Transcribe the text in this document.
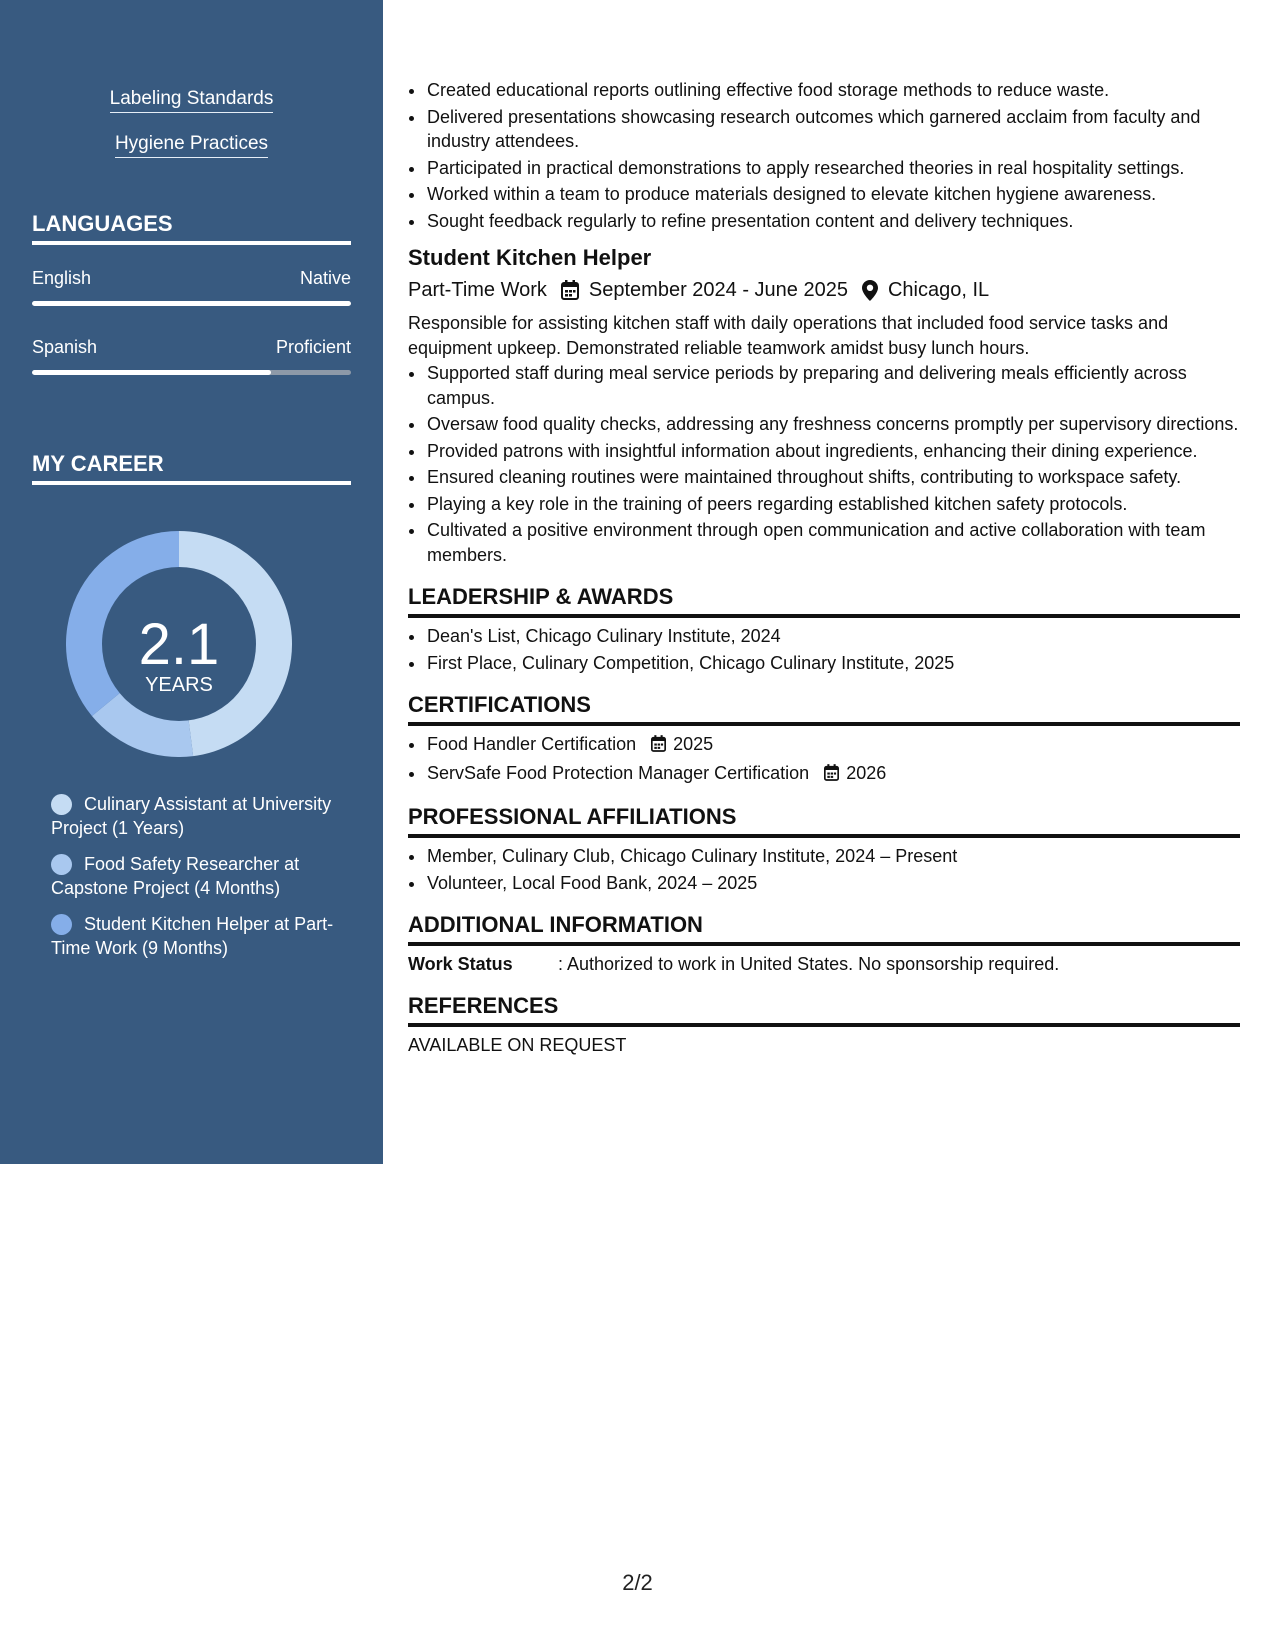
Labeling Standards
Hygiene Practices
LANGUAGES
English	Native
Spanish	Proficient
MY CAREER
2.1
YEARS
Culinary Assistant at University Project (1 Years)
Food Safety Researcher at Capstone Project (4 Months)
Student Kitchen Helper at Part-Time Work (9 Months)
• Created educational reports outlining effective food storage methods to reduce waste.
• Delivered presentations showcasing research outcomes which garnered acclaim from faculty and industry attendees.
• Participated in practical demonstrations to apply researched theories in real hospitality settings.
• Worked within a team to produce materials designed to elevate kitchen hygiene awareness.
• Sought feedback regularly to refine presentation content and delivery techniques.
Student Kitchen Helper
Part-Time Work September 2024 - June 2025 Chicago, IL
Responsible for assisting kitchen staff with daily operations that included food service tasks and equipment upkeep. Demonstrated reliable teamwork amidst busy lunch hours.
• Supported staff during meal service periods by preparing and delivering meals efficiently across campus.
• Oversaw food quality checks, addressing any freshness concerns promptly per supervisory directions.
• Provided patrons with insightful information about ingredients, enhancing their dining experience.
• Ensured cleaning routines were maintained throughout shifts, contributing to workspace safety.
• Playing a key role in the training of peers regarding established kitchen safety protocols.
• Cultivated a positive environment through open communication and active collaboration with team members.
LEADERSHIP & AWARDS
• Dean's List, Chicago Culinary Institute, 2024
• First Place, Culinary Competition, Chicago Culinary Institute, 2025
CERTIFICATIONS
• Food Handler Certification 2025
• ServSafe Food Protection Manager Certification 2026
PROFESSIONAL AFFILIATIONS
• Member, Culinary Club, Chicago Culinary Institute, 2024 – Present
• Volunteer, Local Food Bank, 2024 – 2025
ADDITIONAL INFORMATION
Work Status	: Authorized to work in United States. No sponsorship required.
REFERENCES
AVAILABLE ON REQUEST
2/2
